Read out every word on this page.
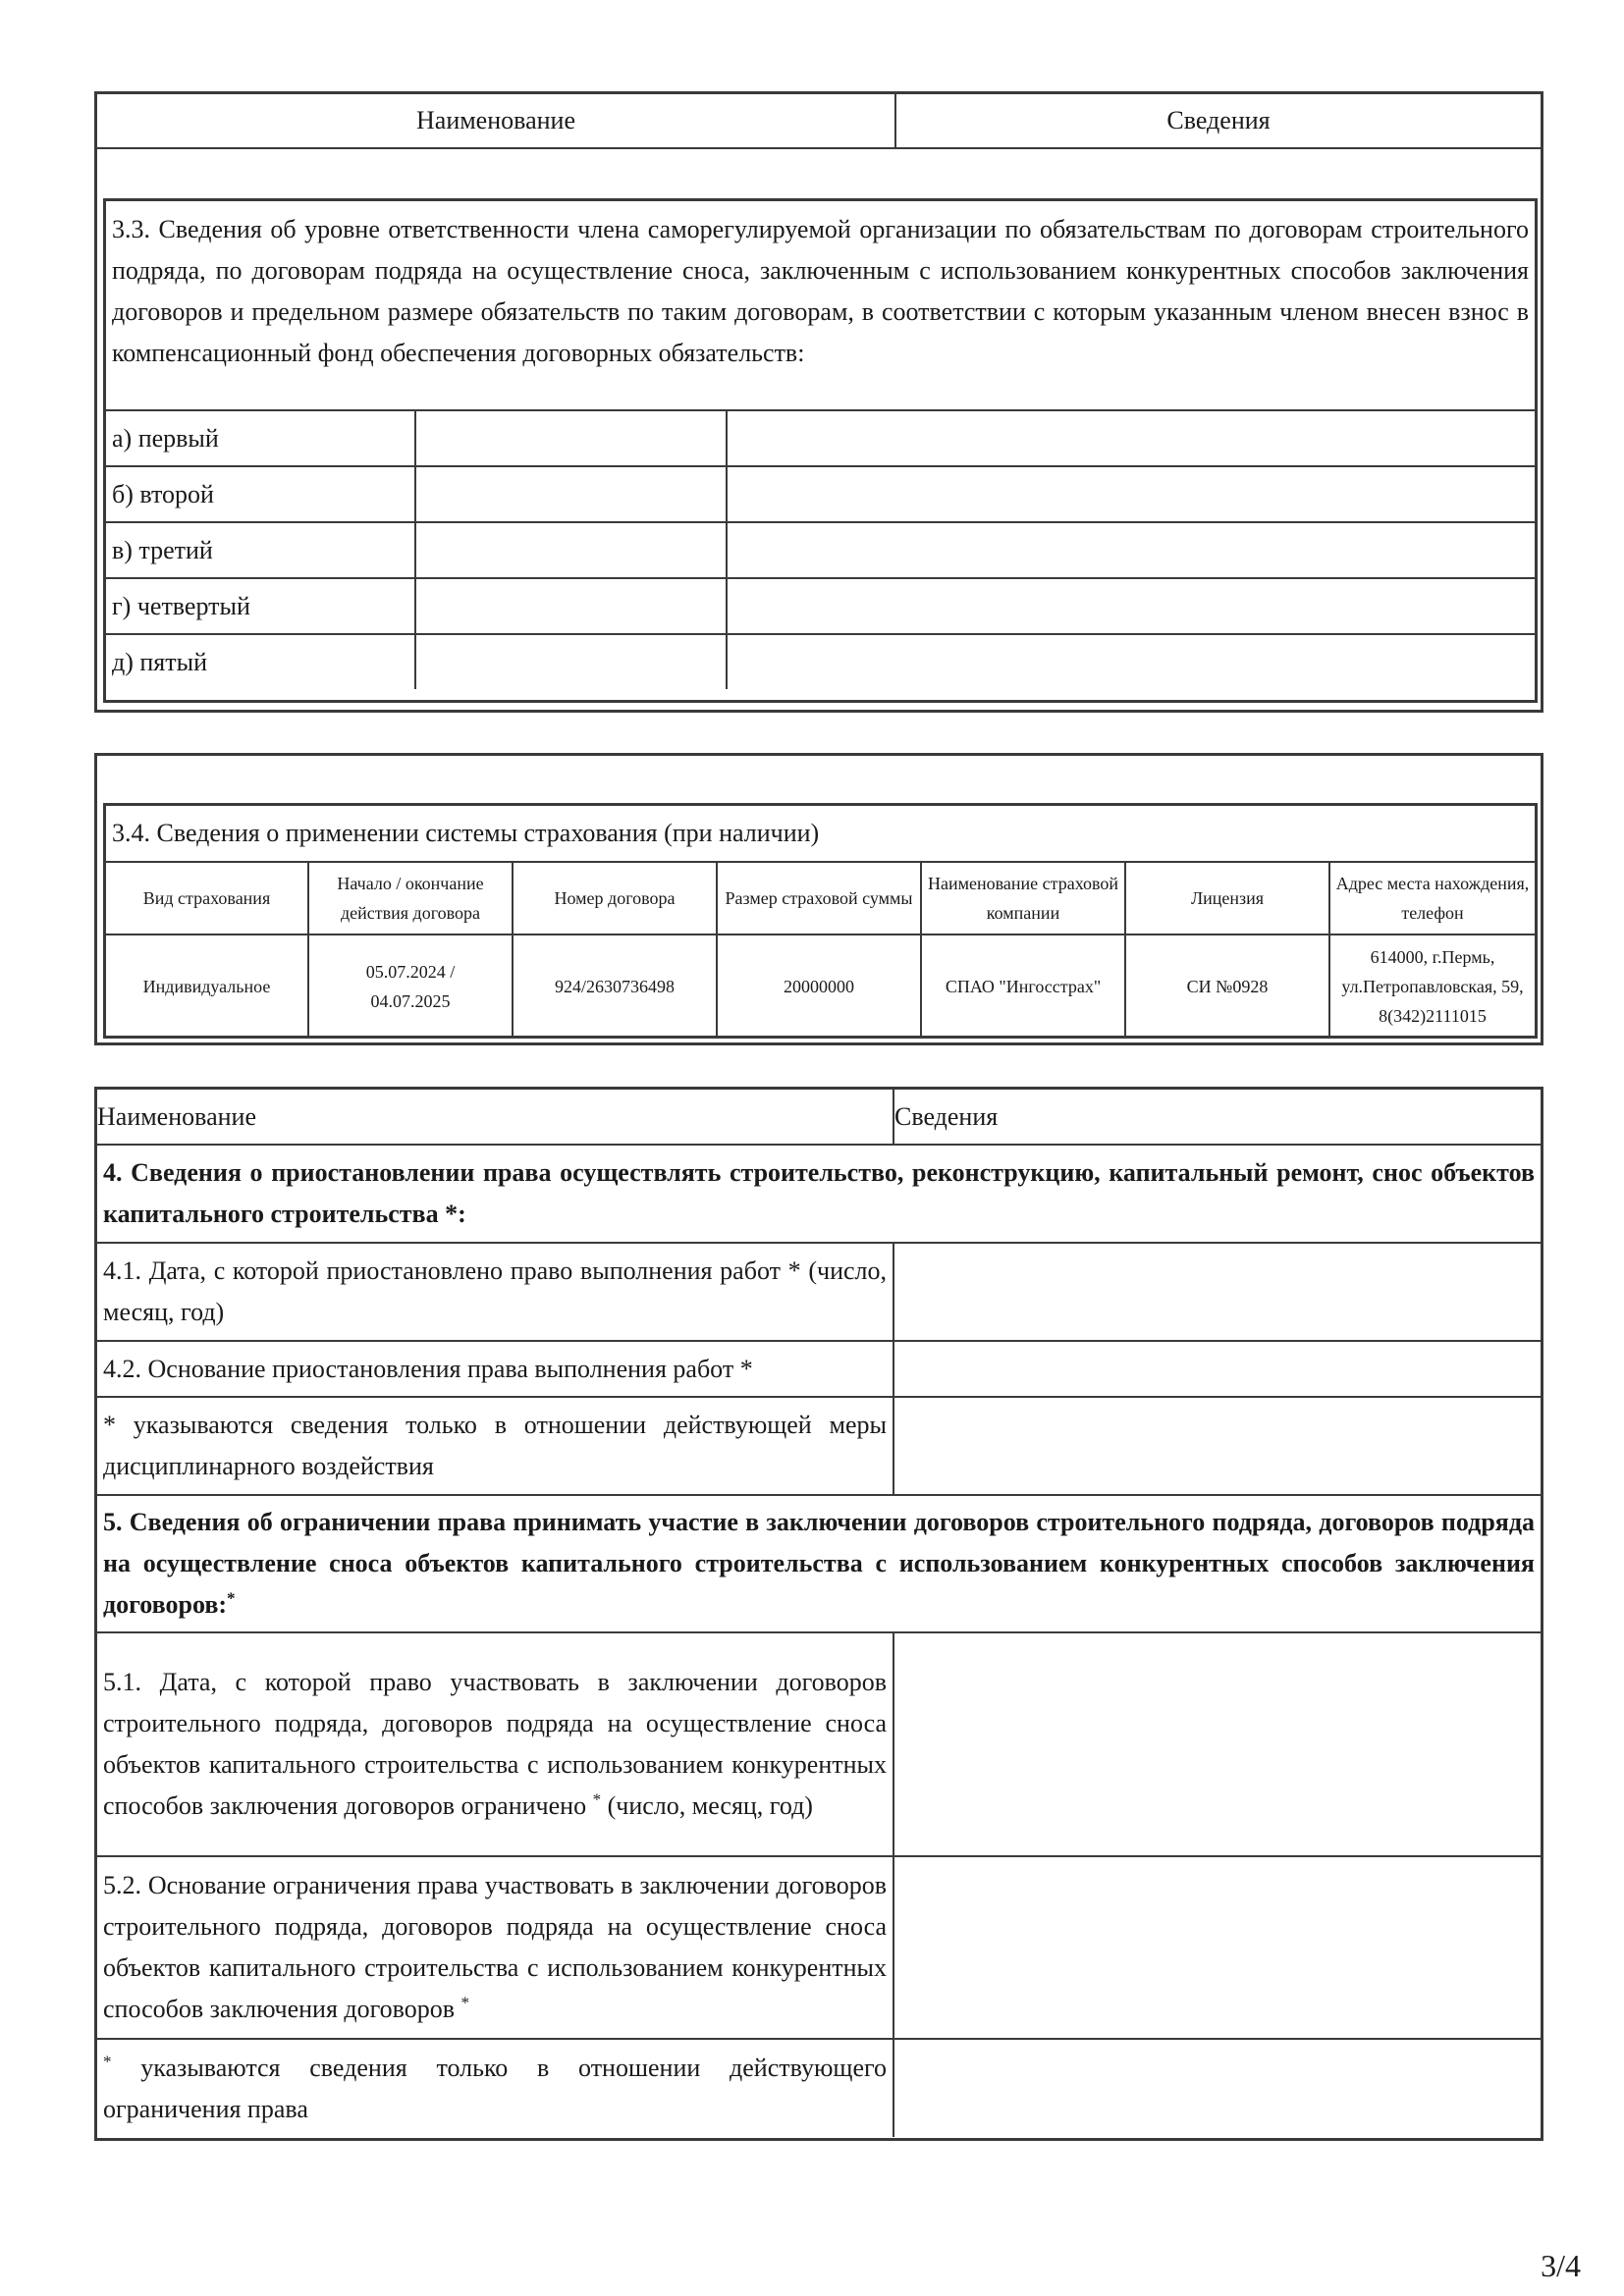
Наименование	Сведения

3.3. Сведения об уровне ответственности члена саморегулируемой организации по обязательствам по договорам строительного подряда, по договорам подряда на осуществление сноса, заключенным с использованием конкурентных способов заключения договоров и предельном размере обязательств по таким договорам, в соответствии с которым указанным членом внесен взнос в компенсационный фонд обеспечения договорных обязательств:

а) первый		
б) второй		
в) третий		
г) четвертый		
д) пятый		
3.4. Сведения о применении системы страхования (при наличии)
Вид страхования	Начало / окончание действия договора	Номер договора	Размер страховой суммы	Наименование страховой компании	Лицензия	Адрес места нахождения, телефон
Индивидуальное	05.07.2024 / 04.07.2025	924/2630736498	20000000	СПАО "Ингосстрах"	СИ №0928	614000, г.Пермь, ул.Петропавловская, 59, 8(342)2111015
Наименование	Сведения
4. Сведения о приостановлении права осуществлять строительство, реконструкцию, капитальный ремонт, снос объектов капитального строительства *:	
4.1. Дата, с которой приостановлено право выполнения работ * (число, месяц, год)	
4.2. Основание приостановления права выполнения работ *	
* указываются сведения только в отношении действующей меры дисциплинарного воздействия	
5. Сведения об ограничении права принимать участие в заключении договоров строительного подряда, договоров подряда на осуществление сноса объектов капитального строительства с использованием конкурентных способов заключения договоров:*
5.1. Дата, с которой право участвовать в заключении договоров строительного подряда, договоров подряда на осуществление сноса объектов капитального строительства с использованием конкурентных способов заключения договоров ограничено * (число, месяц, год)	
5.2. Основание ограничения права участвовать в заключении договоров строительного подряда, договоров подряда на осуществление сноса объектов капитального строительства с использованием конкурентных способов заключения договоров *	
* указываются сведения только в отношении действующего ограничения права	
3/4
